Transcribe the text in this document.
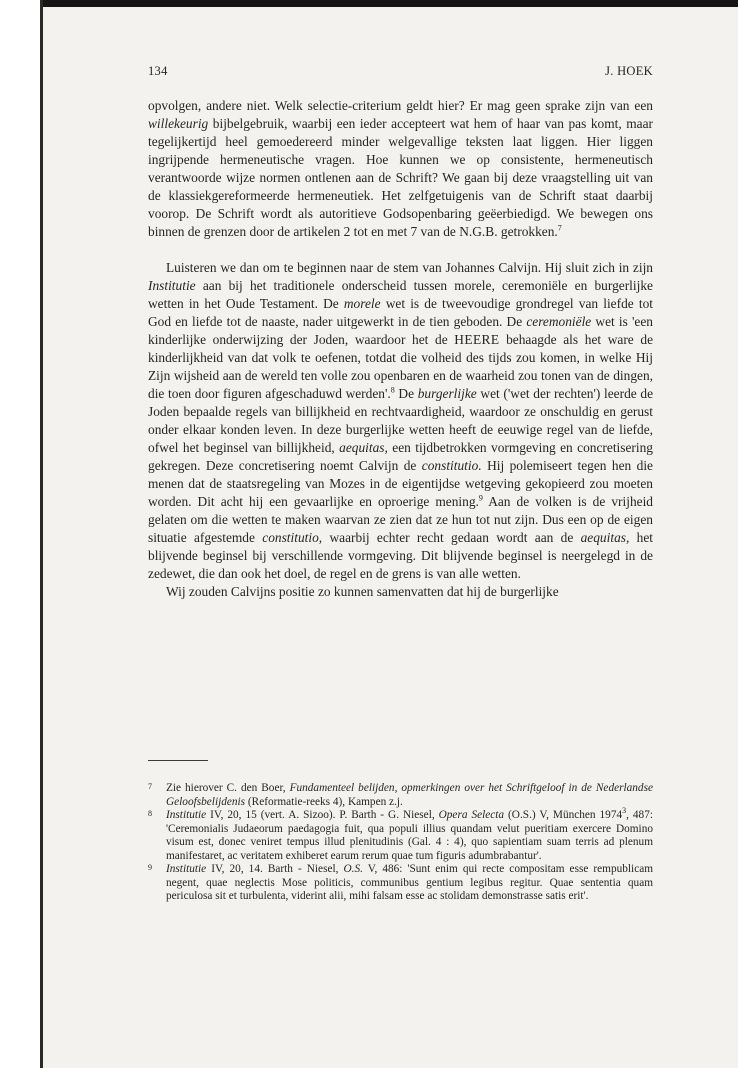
134	J. HOEK

opvolgen, andere niet. Welk selectie-criterium geldt hier? Er mag geen sprake zijn van een willekeurig bijbelgebruik, waarbij een ieder accepteert wat hem of haar van pas komt, maar tegelijkertijd heel gemoedereerd minder welgevallige teksten laat liggen. Hier liggen ingrijpende hermeneutische vragen. Hoe kunnen we op consistente, hermeneutisch verantwoorde wijze normen ontlenen aan de Schrift? We gaan bij deze vraagstelling uit van de klassiekgereformeerde hermeneutiek. Het zelfgetuigenis van de Schrift staat daarbij voorop. De Schrift wordt als autoritieve Godsopenbaring geëerbiedigd. We bewegen ons binnen de grenzen door de artikelen 2 tot en met 7 van de N.G.B. getrokken.$^7$

Luisteren we dan om te beginnen naar de stem van Johannes Calvijn. Hij sluit zich in zijn Institutie aan bij het traditionele onderscheid tussen morele, ceremoniële en burgerlijke wetten in het Oude Testament. De morele wet is de tweevoudige grondregel van liefde tot God en liefde tot de naaste, nader uitgewerkt in de tien geboden. De ceremoniële wet is 'een kinderlijke onderwijzing der Joden, waardoor het de HEERE behaagde als het ware de kinderlijkheid van dat volk te oefenen, totdat die volheid des tijds zou komen, in welke Hij Zijn wijsheid aan de wereld ten volle zou openbaren en de waarheid zou tonen van de dingen, die toen door figuren afgeschaduwd werden'.$^8$ De burgerlijke wet ('wet der rechten') leerde de Joden bepaalde regels van billijkheid en rechtvaardigheid, waardoor ze onschuldig en gerust onder elkaar konden leven. In deze burgerlijke wetten heeft de eeuwige regel van de liefde, ofwel het beginsel van billijkheid, aequitas, een tijdbetrokken vormgeving en concretisering gekregen. Deze concretisering noemt Calvijn de constitutio. Hij polemiseert tegen hen die menen dat de staatsregeling van Mozes in de eigentijdse wetgeving gekopieerd zou moeten worden. Dit acht hij een gevaarlijke en oproerige mening.$^9$ Aan de volken is de vrijheid gelaten om die wetten te maken waarvan ze zien dat ze hun tot nut zijn. Dus een op de eigen situatie afgestemde constitutio, waarbij echter recht gedaan wordt aan de aequitas, het blijvende beginsel bij verschillende vormgeving. Dit blijvende beginsel is neergelegd in de zedewet, die dan ook het doel, de regel en de grens is van alle wetten.

Wij zouden Calvijns positie zo kunnen samenvatten dat hij de burgerlijke

7 Zie hierover C. den Boer, Fundamenteel belijden, opmerkingen over het Schriftgeloof in de Nederlandse Geloofsbelijdenis (Reformatie-reeks 4), Kampen z.j.
8 Institutie IV, 20, 15 (vert. A. Sizoo). P. Barth - G. Niesel, Opera Selecta (O.S.) V, München 1974$^3$, 487: 'Ceremonialis Judaeorum paedagogia fuit, qua populi illius quandam velut pueritiam exercere Domino visum est, donec veniret tempus illud plenitudinis (Gal. 4 : 4), quo sapientiam suam terris ad plenum manifestaret, ac veritatem exhiberet earum rerum quae tum figuris adumbrabantur'.
9 Institutie IV, 20, 14. Barth - Niesel, O.S. V, 486: 'Sunt enim qui recte compositam esse rempublicam negent, quae neglectis Mose politicis, communibus gentium legibus regitur. Quae sententia quam periculosa sit et turbulenta, viderint alii, mihi falsam esse ac stolidam demonstrasse satis erit'.
